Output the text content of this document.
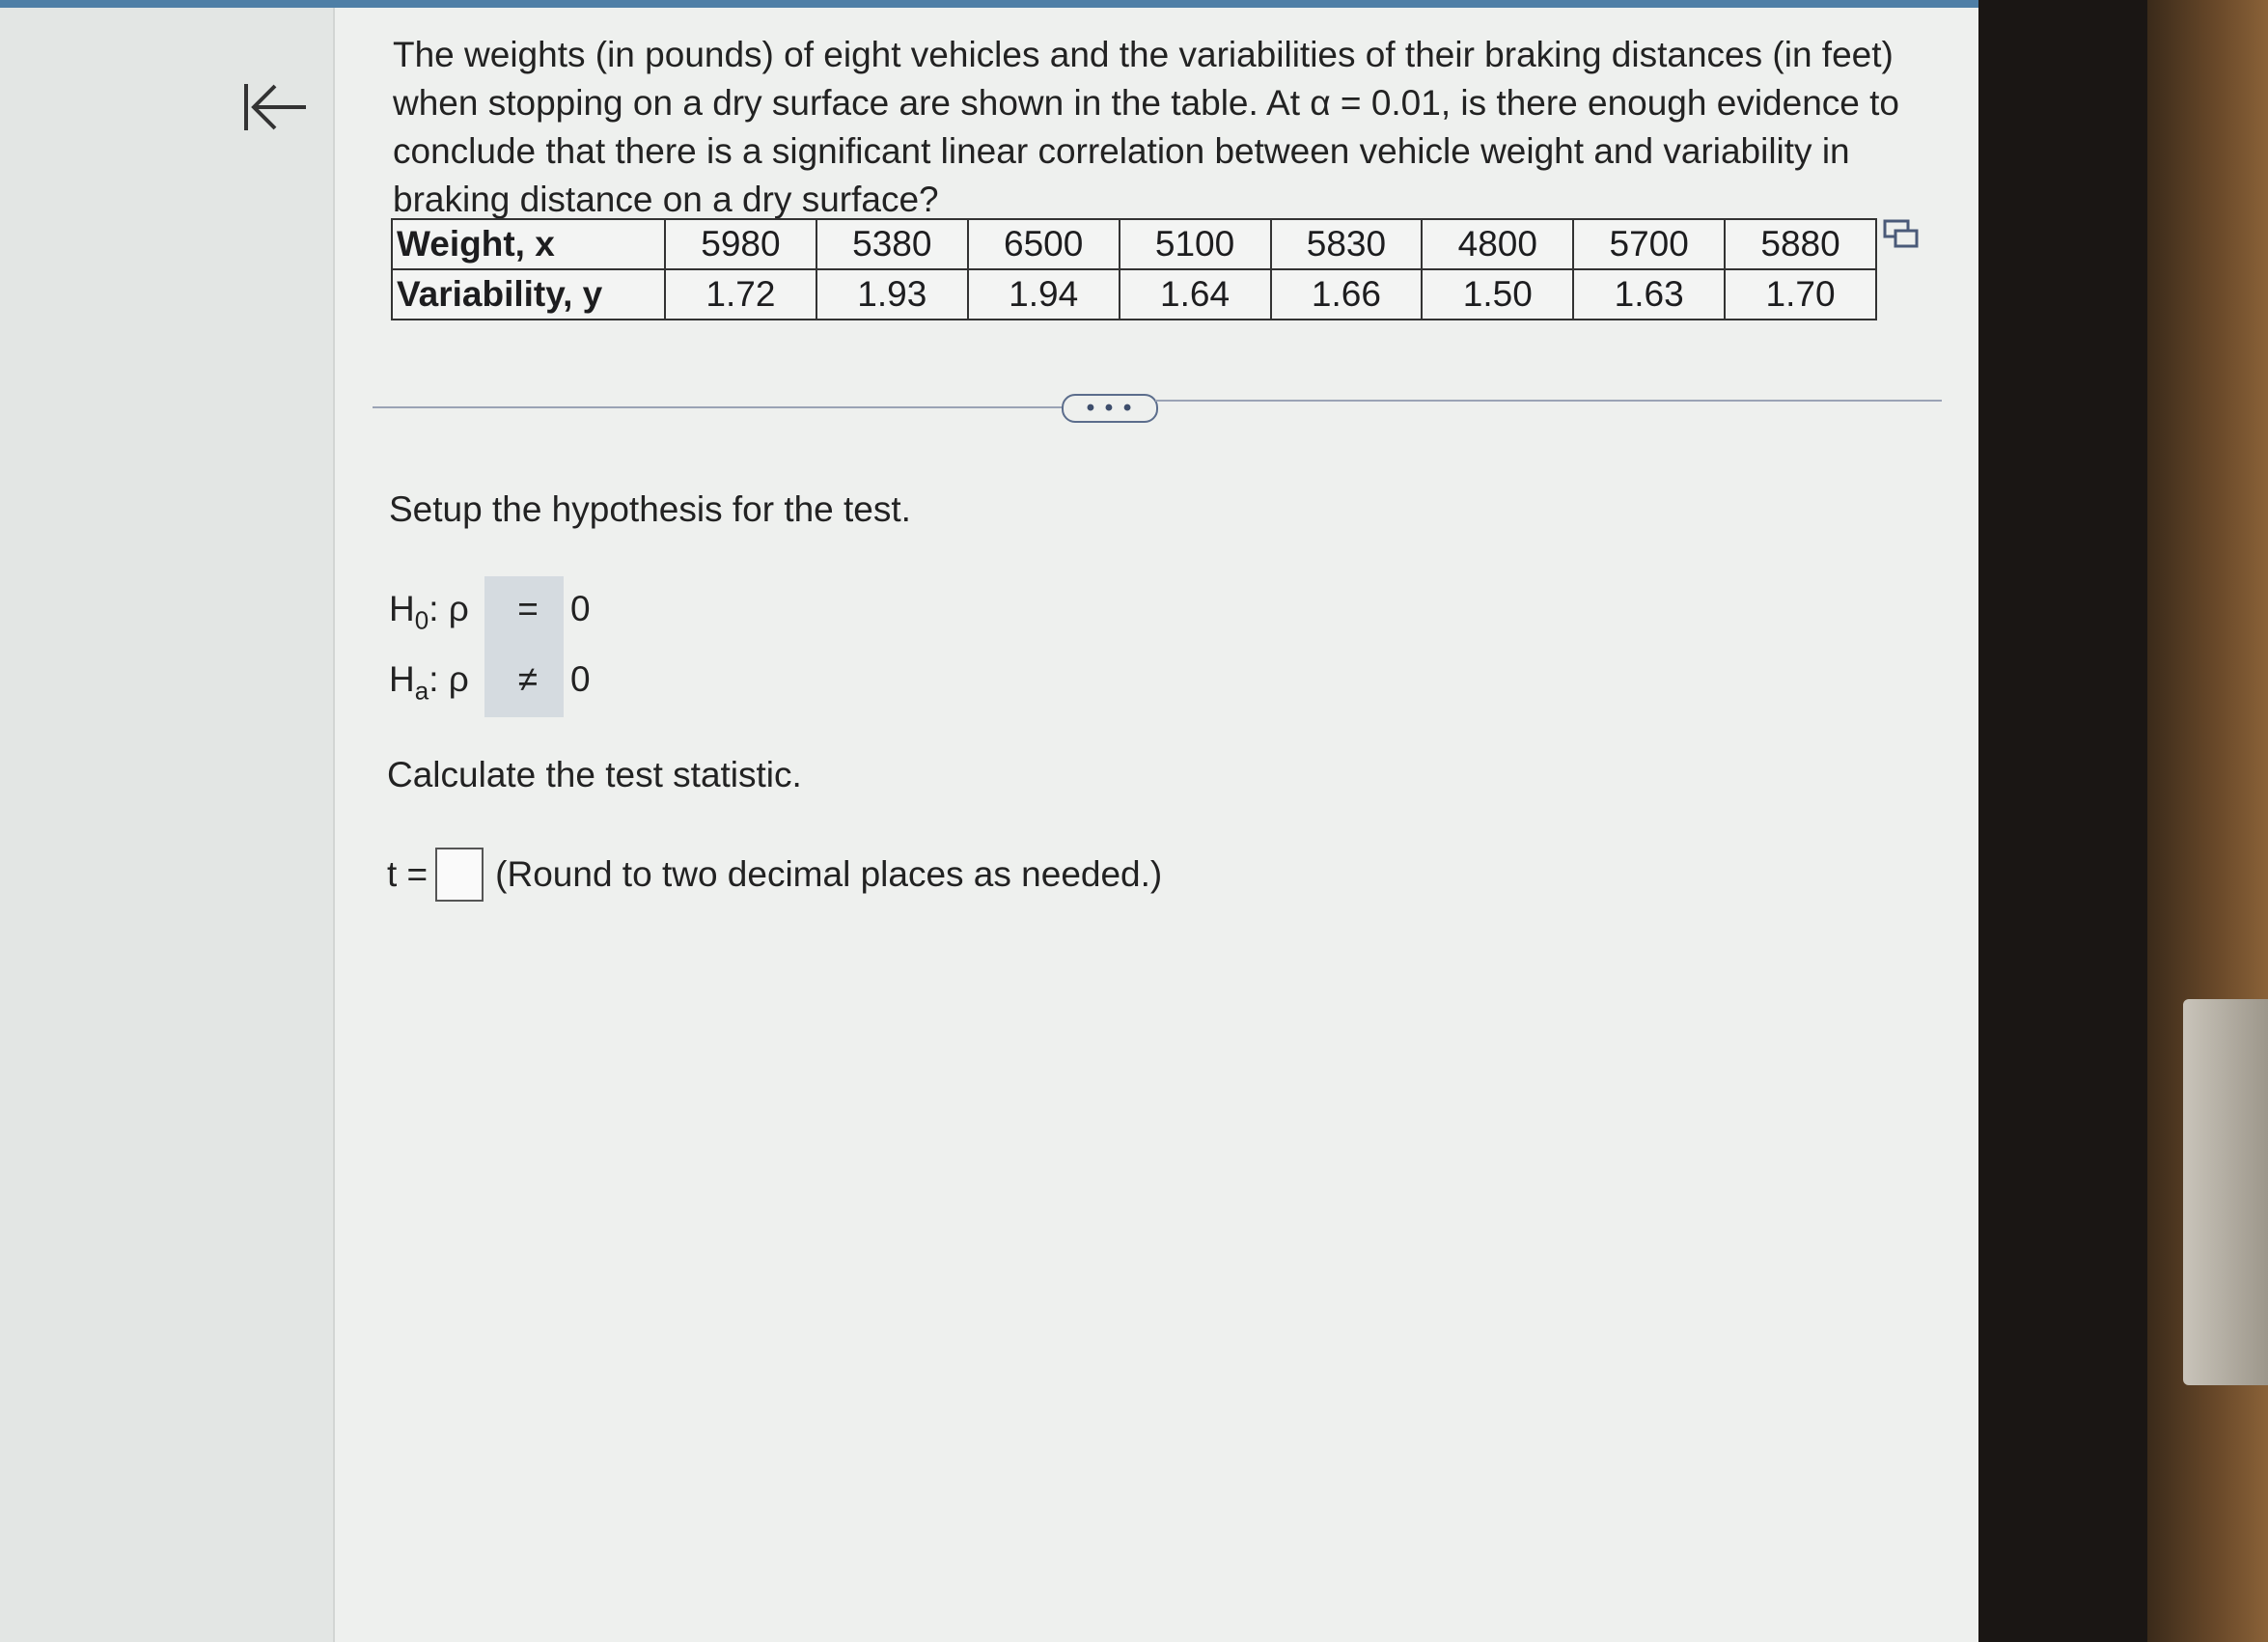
The weights (in pounds) of eight vehicles and the variabilities of their braking distances (in feet) when stopping on a dry surface are shown in the table. At α = 0.01, is there enough evidence to conclude that there is a significant linear correlation between vehicle weight and variability in braking distance on a dry surface?
Weight, x	5980	5380	6500	5100	5830	4800	5700	5880
Variability, y	1.72	1.93	1.94	1.64	1.66	1.50	1.63	1.70
• • •
Setup the hypothesis for the test.
$H_0$: ρ	= 0
$H_a$: ρ	≠ 0
Calculate the test statistic.
t = (Round to two decimal places as needed.)
